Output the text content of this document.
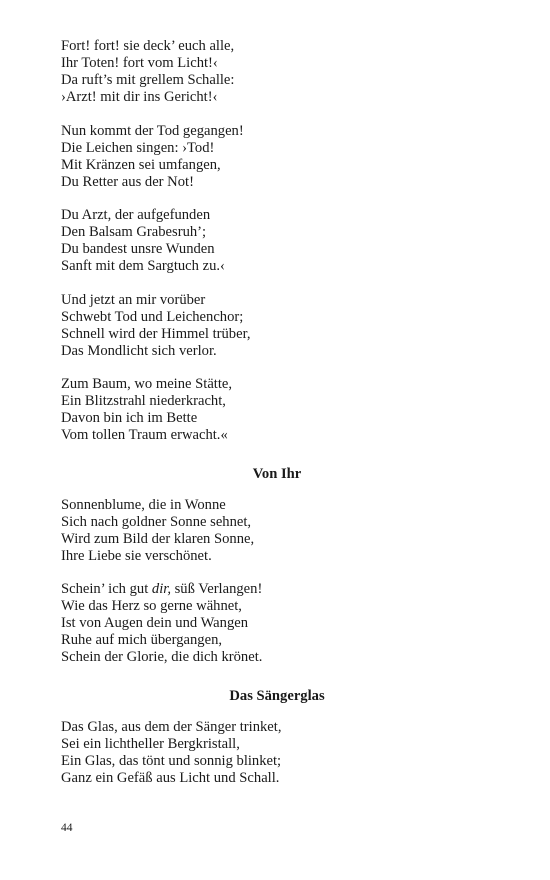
Fort! fort! sie deck’ euch alle,
Ihr Toten! fort vom Licht!‹
Da ruft’s mit grellem Schalle:
›Arzt! mit dir ins Gericht!‹
Nun kommt der Tod gegangen!
Die Leichen singen: ›Tod!
Mit Kränzen sei umfangen,
Du Retter aus der Not!
Du Arzt, der aufgefunden
Den Balsam Grabesruh’;
Du bandest unsre Wunden
Sanft mit dem Sargtuch zu.‹
Und jetzt an mir vorüber
Schwebt Tod und Leichenchor;
Schnell wird der Himmel trüber,
Das Mondlicht sich verlor.
Zum Baum, wo meine Stätte,
Ein Blitzstrahl niederkracht,
Davon bin ich im Bette
Vom tollen Traum erwacht.«
Von Ihr
Sonnenblume, die in Wonne
Sich nach goldner Sonne sehnet,
Wird zum Bild der klaren Sonne,
Ihre Liebe sie verschönet.
Schein’ ich gut dir, süß Verlangen!
Wie das Herz so gerne wähnet,
Ist von Augen dein und Wangen
Ruhe auf mich übergangen,
Schein der Glorie, die dich krönet.
Das Sängerglas
Das Glas, aus dem der Sänger trinket,
Sei ein lichtheller Bergkristall,
Ein Glas, das tönt und sonnig blinket;
Ganz ein Gefäß aus Licht und Schall.
44
